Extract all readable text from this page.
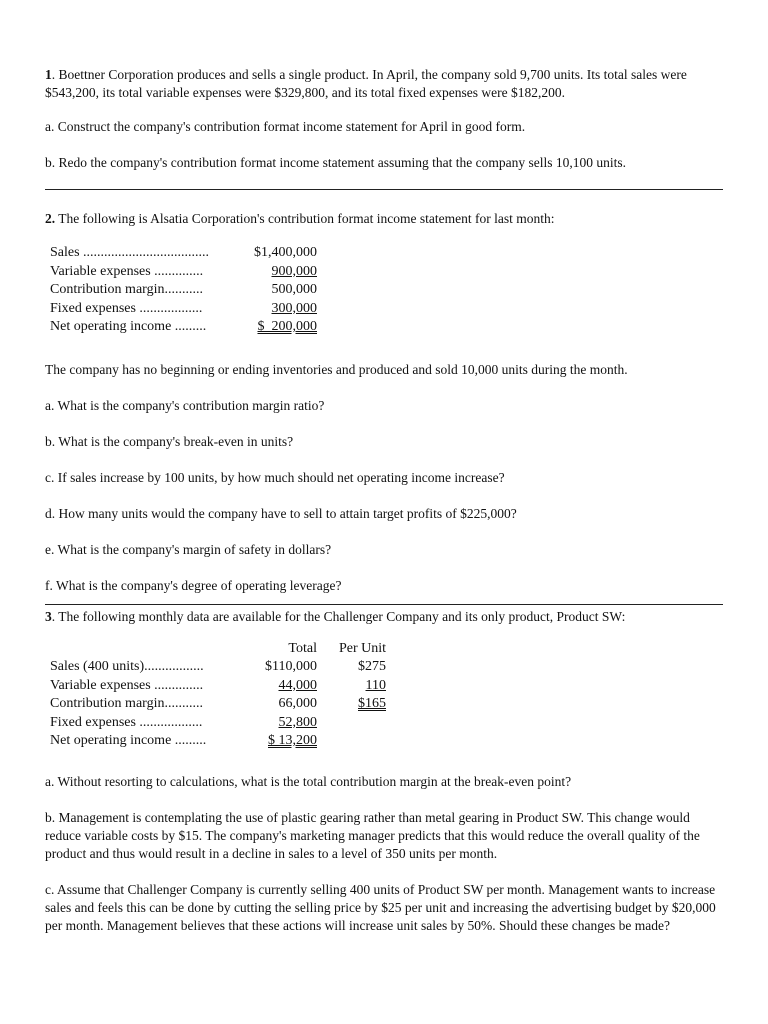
1. Boettner Corporation produces and sells a single product. In April, the company sold 9,700 units. Its total sales were $543,200, its total variable expenses were $329,800, and its total fixed expenses were $182,200.

a. Construct the company's contribution format income statement for April in good form.

b. Redo the company's contribution format income statement assuming that the company sells 10,100 units.

2. The following is Alsatia Corporation's contribution format income statement for last month:

Sales ....................................	$1,400,000
Variable expenses ..............	900,000
Contribution margin...........	500,000
Fixed expenses ..................	300,000
Net operating income .........	$  200,000

The company has no beginning or ending inventories and produced and sold 10,000 units during the month.

a. What is the company's contribution margin ratio?

b. What is the company's break-even in units?

c. If sales increase by 100 units, by how much should net operating income increase?

d. How many units would the company have to sell to attain target profits of $225,000?

e. What is the company's margin of safety in dollars?

f. What is the company's degree of operating leverage?

3. The following monthly data are available for the Challenger Company and its only product, Product SW:

	Total	Per Unit
Sales (400 units).................	$110,000	$275
Variable expenses ..............	44,000	110
Contribution margin...........	66,000	$165
Fixed expenses ..................	52,800	
Net operating income .........	$ 13,200	

a. Without resorting to calculations, what is the total contribution margin at the break-even point?

b. Management is contemplating the use of plastic gearing rather than metal gearing in Product SW. This change would reduce variable costs by $15. The company's marketing manager predicts that this would reduce the overall quality of the product and thus would result in a decline in sales to a level of 350 units per month.

c. Assume that Challenger Company is currently selling 400 units of Product SW per month. Management wants to increase sales and feels this can be done by cutting the selling price by $25 per unit and increasing the advertising budget by $20,000 per month. Management believes that these actions will increase unit sales by 50%. Should these changes be made?
